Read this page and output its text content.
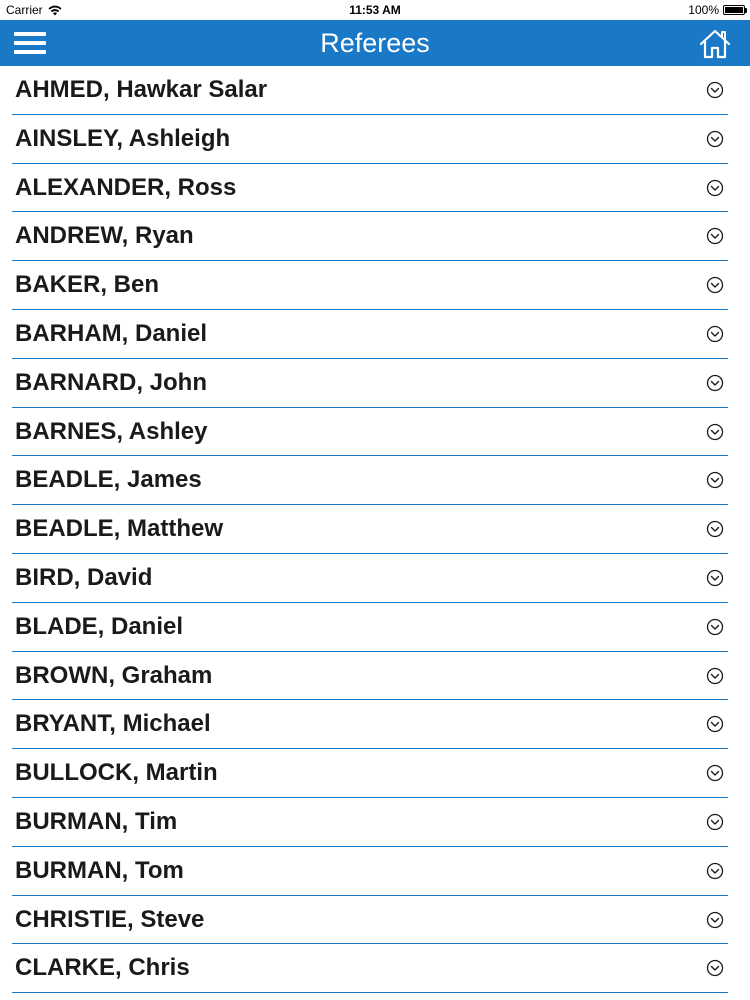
Carrier	11:53 AM	100%
Referees
AHMED, Hawkar Salar
AINSLEY, Ashleigh
ALEXANDER, Ross
ANDREW, Ryan
BAKER, Ben
BARHAM, Daniel
BARNARD, John
BARNES, Ashley
BEADLE, James
BEADLE, Matthew
BIRD, David
BLADE, Daniel
BROWN, Graham
BRYANT, Michael
BULLOCK, Martin
BURMAN, Tim
BURMAN, Tom
CHRISTIE, Steve
CLARKE, Chris
